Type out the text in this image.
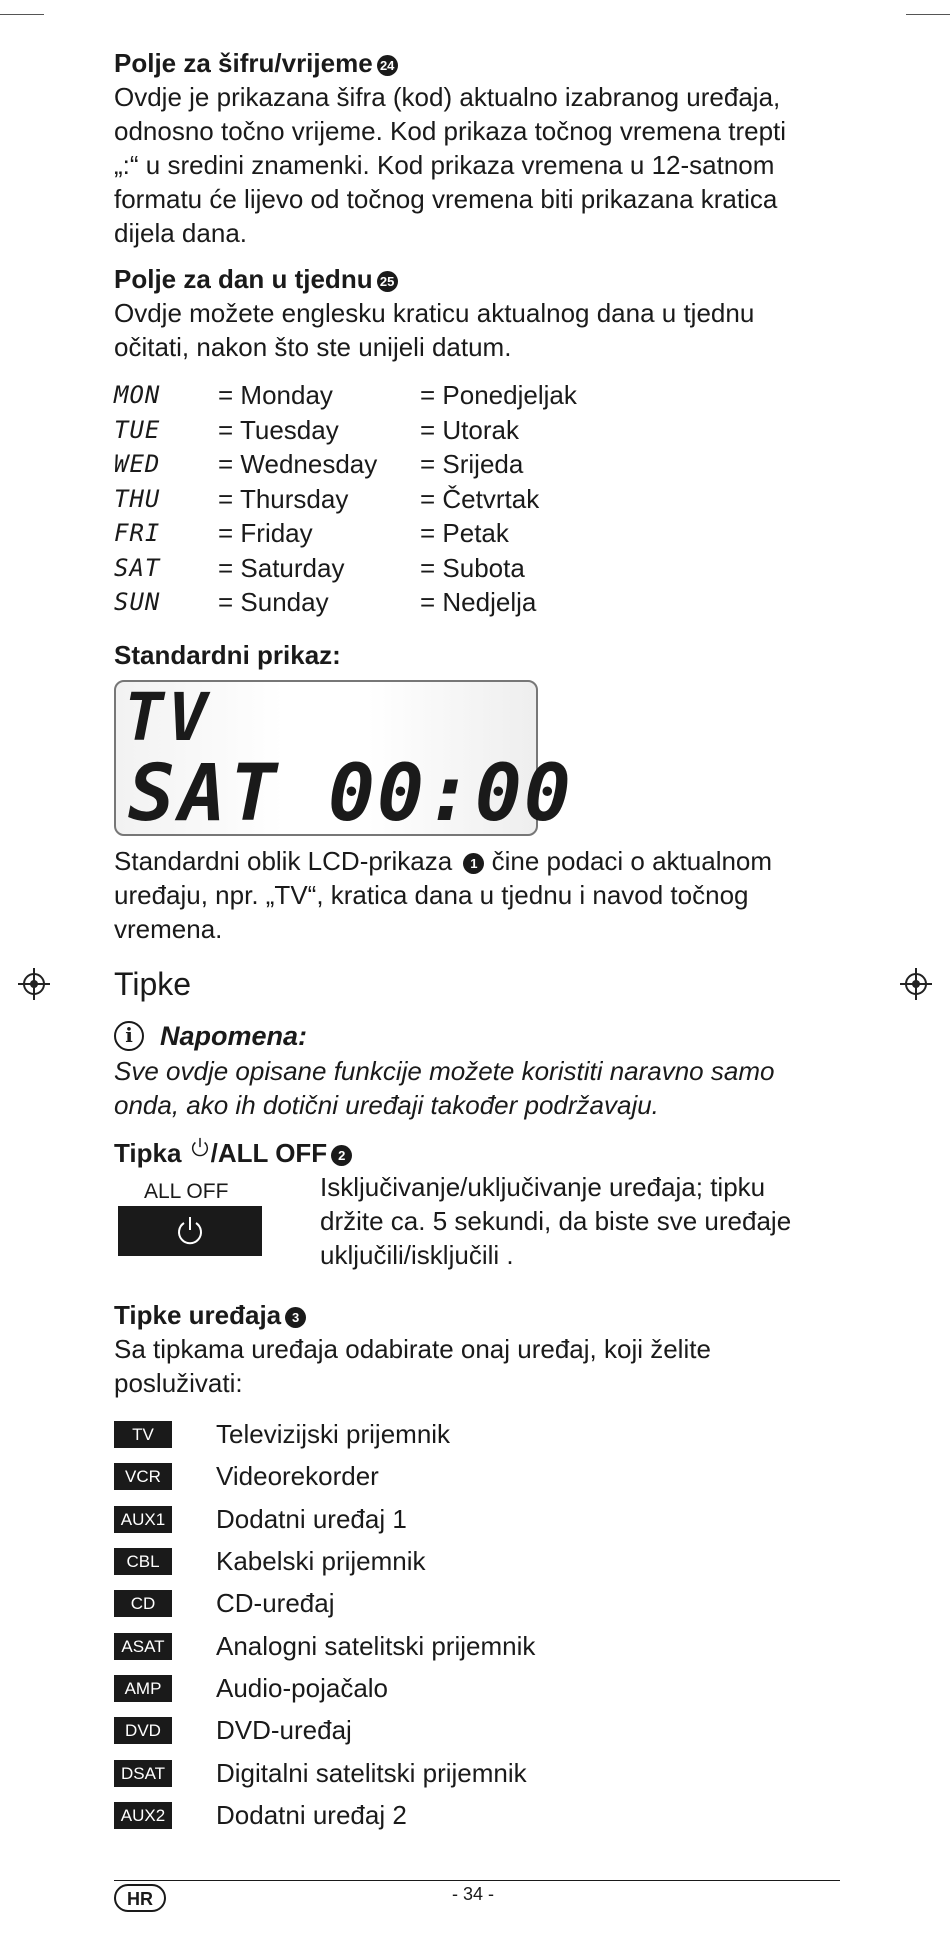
Polje za šifru/vrijeme 24

Ovdje je prikazana šifra (kod) aktualno izabranog uređaja,

odnosno točno vrijeme. Kod prikaza točnog vremena trepti

„:“ u sredini znamenki. Kod prikaza vremena u 12-satnom

formatu će lijevo od točnog vremena biti prikazana kratica

dijela dana.

Polje za dan u tjednu 25

Ovdje možete englesku kraticu aktualnog dana u tjednu

očitati, nakon što ste unijeli datum.

MON	= Monday	= Ponedjeljak
TUE	= Tuesday	= Utorak
WED	= Wednesday	= Srijeda
THU	= Thursday	= Četvrtak
FRI	= Friday	= Petak
SAT	= Saturday	= Subota
SUN	= Sunday	= Nedjelja

Standardni prikaz:

TV
SAT 00:00

Standardni oblik LCD-prikaza 1 čine podaci o aktualnom

uređaju, npr. „TV“, kratica dana u tjednu i navod točnog

vremena.

Tipke
i	Napomena:

Sve ovdje opisane funkcije možete koristiti naravno samo

onda, ako ih dotični uređaji također podržavaju.

Tipka /ALL OFF 2

ALL OFF	Isključivanje/uključivanje uređaja; tipku
držite ca. 5 sekundi, da biste sve uređaje
uključili/isključili .

Tipke uređaja 3

Sa tipkama uređaja odabirate onaj uređaj, koji želite

posluživati:

TV	Televizijski prijemnik
VCR	Videorekorder
AUX1 Dodatni uređaj 1
CBL	Kabelski prijemnik
CD	CD-uređaj
ASAT Analogni satelitski prijemnik
AMP	Audio-pojačalo
DVD	DVD-uređaj
DSAT Digitalni satelitski prijemnik
AUX2 Dodatni uređaj 2
HR	- 34 -
